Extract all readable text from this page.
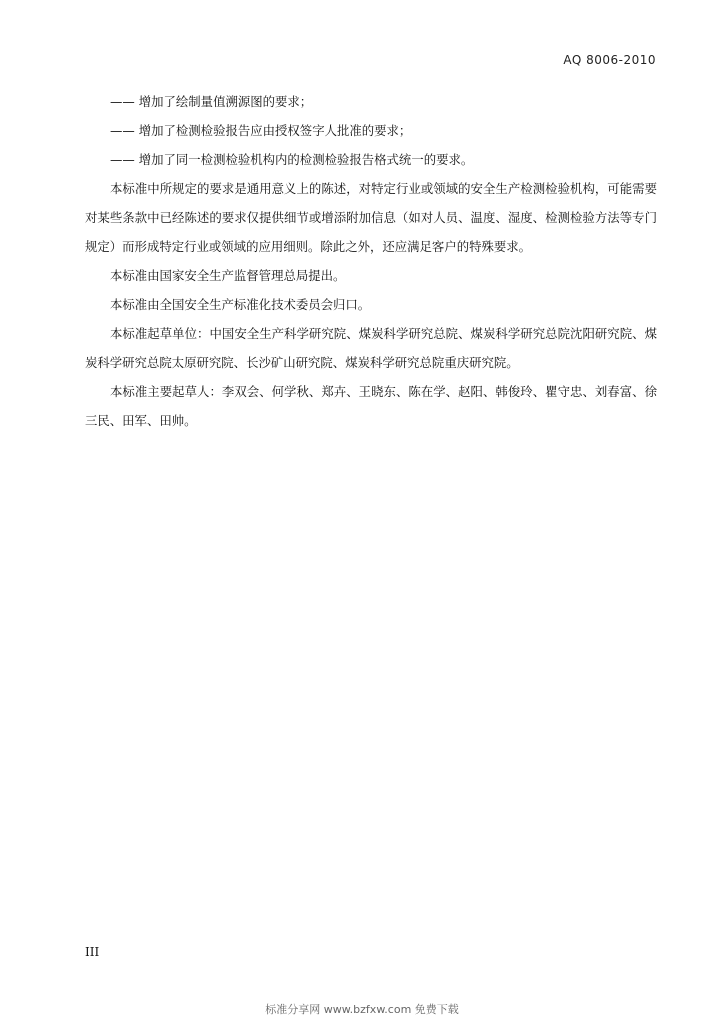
AQ 8006-2010
—— 增加了绘制量值溯源图的要求；
—— 增加了检测检验报告应由授权签字人批准的要求；
—— 增加了同一检测检验机构内的检测检验报告格式统一的要求。
本标准中所规定的要求是通用意义上的陈述，对特定行业或领域的安全生产检测检验机构，可能需要对某些条款中已经陈述的要求仅提供细节或增添附加信息（如对人员、温度、湿度、检测检验方法等专门规定）而形成特定行业或领域的应用细则。除此之外，还应满足客户的特殊要求。
本标准由国家安全生产监督管理总局提出。
本标准由全国安全生产标准化技术委员会归口。
本标准起草单位：中国安全生产科学研究院、煤炭科学研究总院、煤炭科学研究总院沈阳研究院、煤炭科学研究总院太原研究院、长沙矿山研究院、煤炭科学研究总院重庆研究院。
本标准主要起草人：李双会、何学秋、郑卉、王晓东、陈在学、赵阳、韩俊玲、瞿守忠、刘春富、徐三民、田军、田帅。
III
标准分享网 www.bzfxw.com 免费下载
